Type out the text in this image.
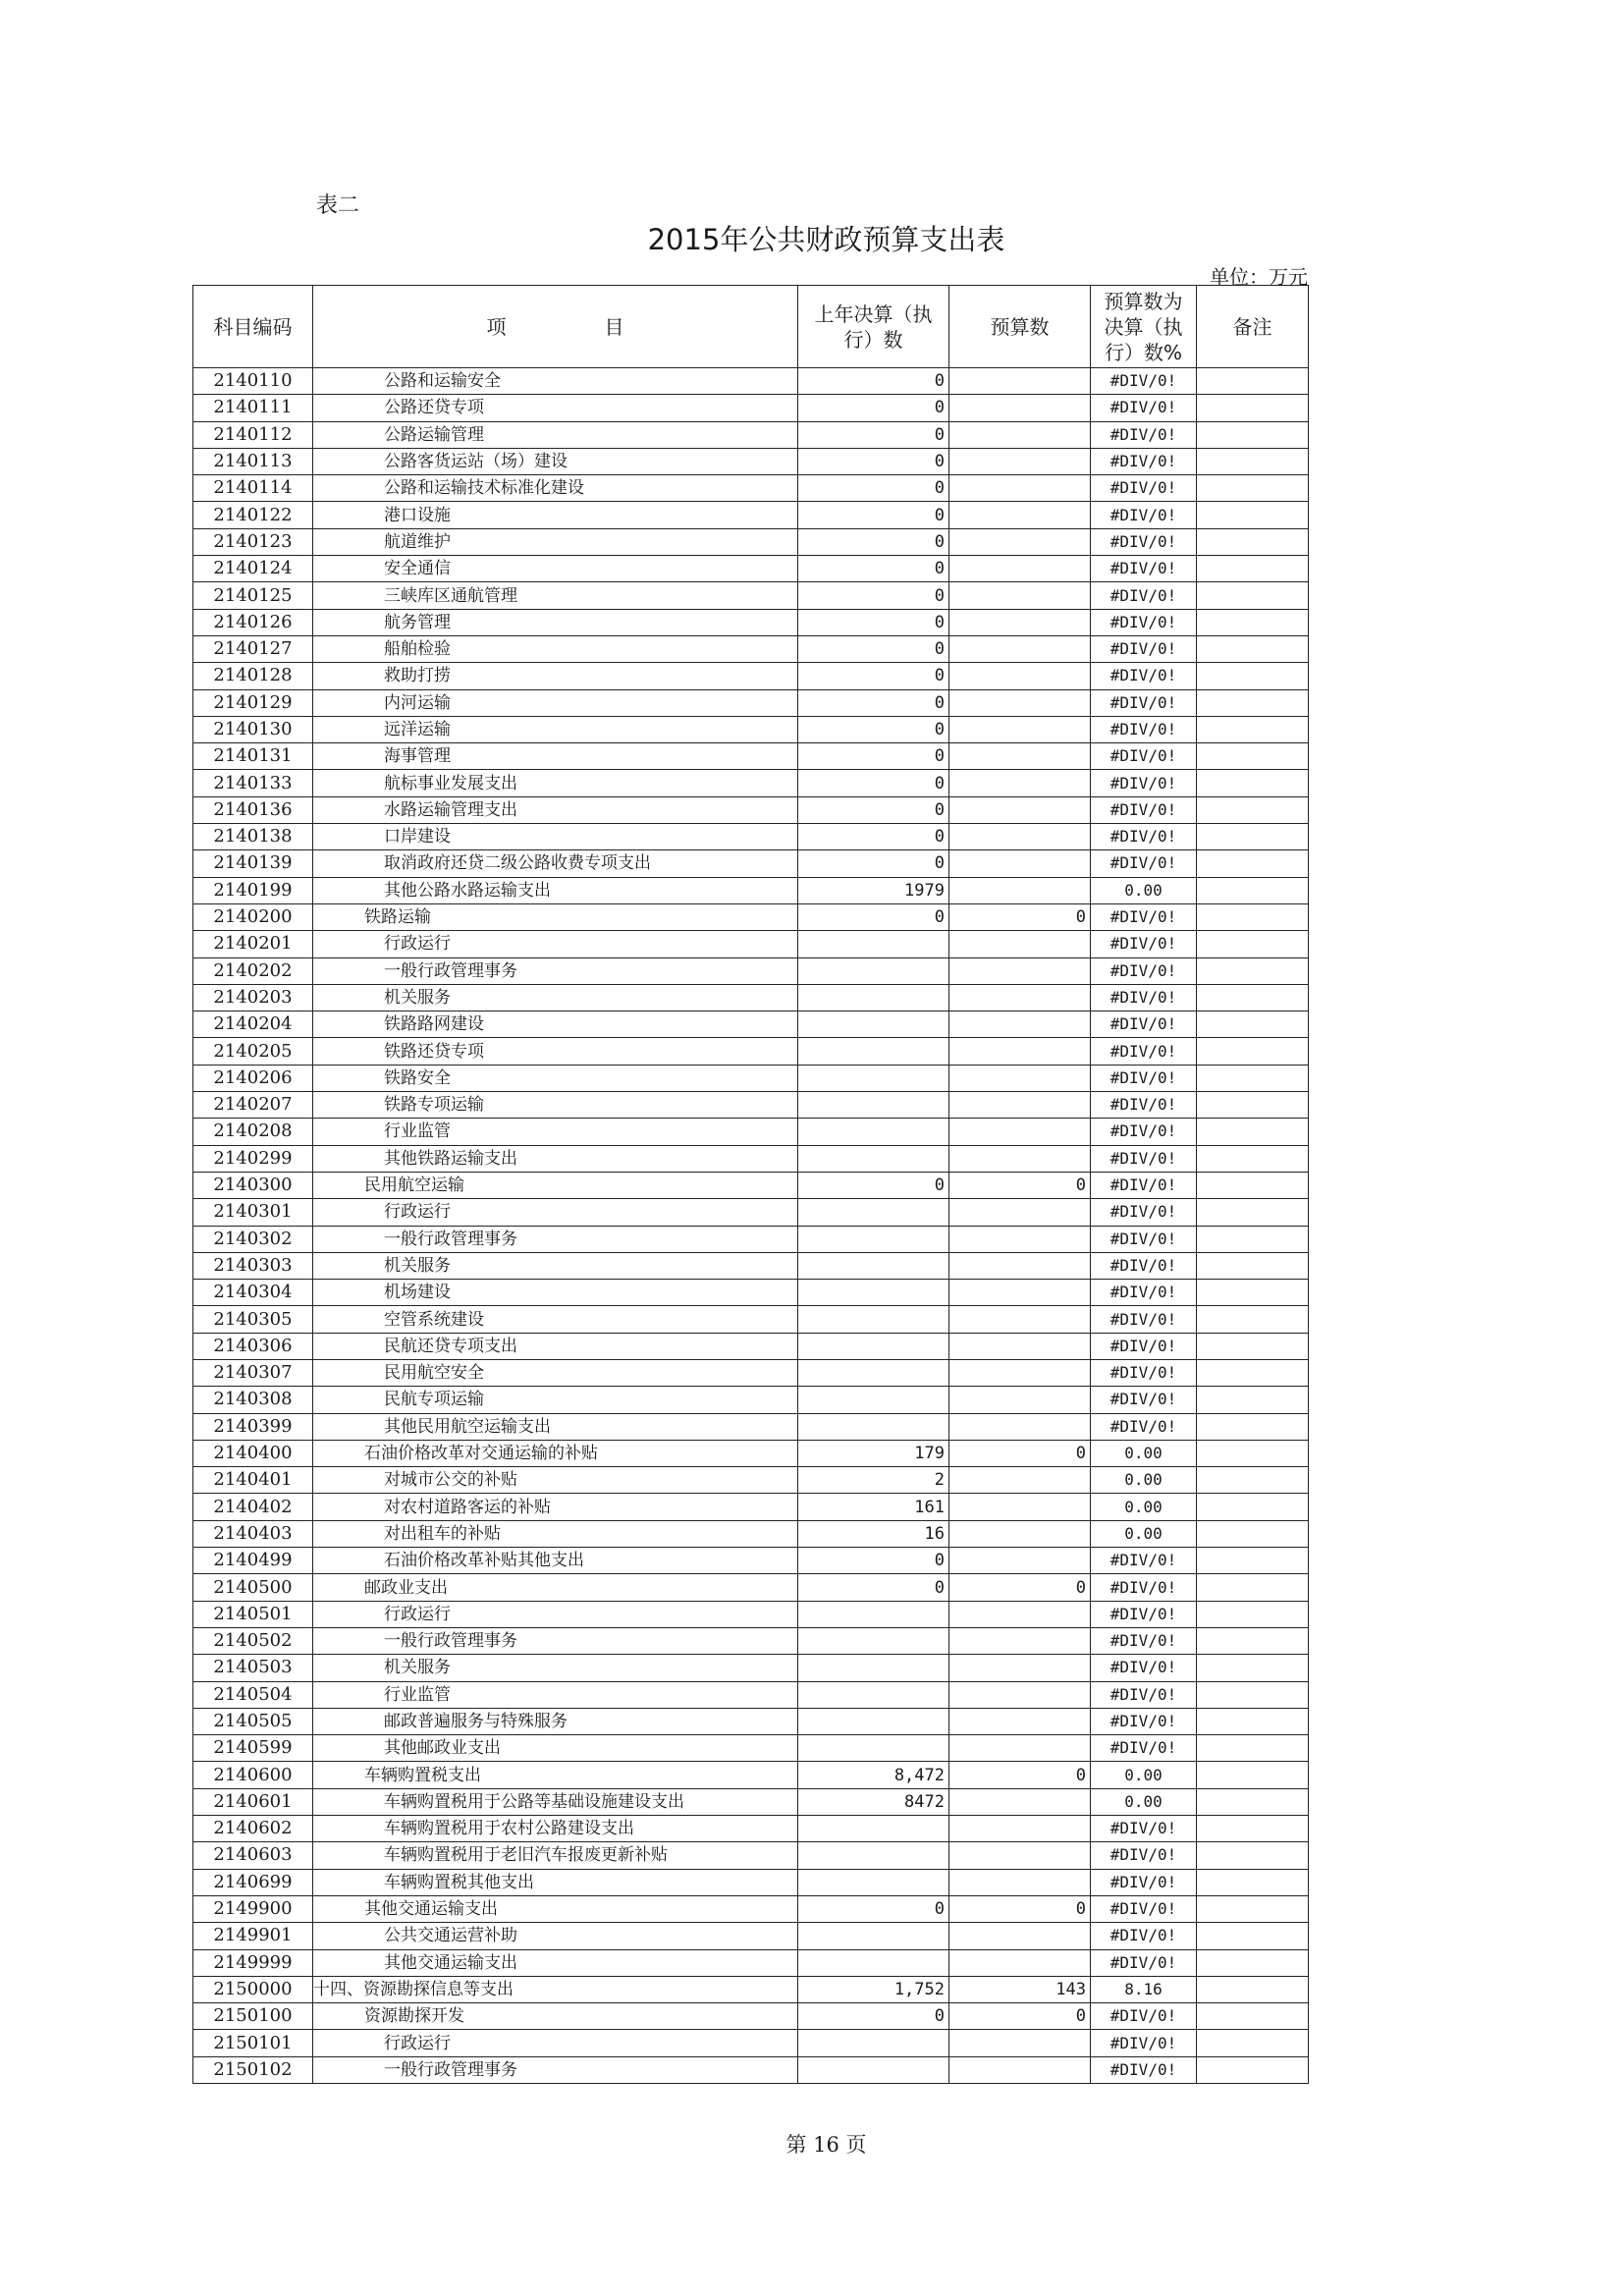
表二
2015年公共财政预算支出表
单位：万元
科目编码	项　　　　　目	上年决算（执行）数	预算数	预算数为决算（执行）数%	备注
2140110	公路和运输安全	0		#DIV/0!	
2140111	公路还贷专项	0		#DIV/0!	
2140112	公路运输管理	0		#DIV/0!	
2140113	公路客货运站（场）建设	0		#DIV/0!	
2140114	公路和运输技术标准化建设	0		#DIV/0!	
2140122	港口设施	0		#DIV/0!	
2140123	航道维护	0		#DIV/0!	
2140124	安全通信	0		#DIV/0!	
2140125	三峡库区通航管理	0		#DIV/0!	
2140126	航务管理	0		#DIV/0!	
2140127	船舶检验	0		#DIV/0!	
2140128	救助打捞	0		#DIV/0!	
2140129	内河运输	0		#DIV/0!	
2140130	远洋运输	0		#DIV/0!	
2140131	海事管理	0		#DIV/0!	
2140133	航标事业发展支出	0		#DIV/0!	
2140136	水路运输管理支出	0		#DIV/0!	
2140138	口岸建设	0		#DIV/0!	
2140139	取消政府还贷二级公路收费专项支出	0		#DIV/0!	
2140199	其他公路水路运输支出	1979		0.00	
2140200	铁路运输	0	0	#DIV/0!	
2140201	行政运行			#DIV/0!	
2140202	一般行政管理事务			#DIV/0!	
2140203	机关服务			#DIV/0!	
2140204	铁路路网建设			#DIV/0!	
2140205	铁路还贷专项			#DIV/0!	
2140206	铁路安全			#DIV/0!	
2140207	铁路专项运输			#DIV/0!	
2140208	行业监管			#DIV/0!	
2140299	其他铁路运输支出			#DIV/0!	
2140300	民用航空运输	0	0	#DIV/0!	
2140301	行政运行			#DIV/0!	
2140302	一般行政管理事务			#DIV/0!	
2140303	机关服务			#DIV/0!	
2140304	机场建设			#DIV/0!	
2140305	空管系统建设			#DIV/0!	
2140306	民航还贷专项支出			#DIV/0!	
2140307	民用航空安全			#DIV/0!	
2140308	民航专项运输			#DIV/0!	
2140399	其他民用航空运输支出			#DIV/0!	
2140400	石油价格改革对交通运输的补贴	179	0	0.00	
2140401	对城市公交的补贴	2		0.00	
2140402	对农村道路客运的补贴	161		0.00	
2140403	对出租车的补贴	16		0.00	
2140499	石油价格改革补贴其他支出	0		#DIV/0!	
2140500	邮政业支出	0	0	#DIV/0!	
2140501	行政运行			#DIV/0!	
2140502	一般行政管理事务			#DIV/0!	
2140503	机关服务			#DIV/0!	
2140504	行业监管			#DIV/0!	
2140505	邮政普遍服务与特殊服务			#DIV/0!	
2140599	其他邮政业支出			#DIV/0!	
2140600	车辆购置税支出	8,472	0	0.00	
2140601	车辆购置税用于公路等基础设施建设支出	8472		0.00	
2140602	车辆购置税用于农村公路建设支出			#DIV/0!	
2140603	车辆购置税用于老旧汽车报废更新补贴			#DIV/0!	
2140699	车辆购置税其他支出			#DIV/0!	
2149900	其他交通运输支出	0	0	#DIV/0!	
2149901	公共交通运营补助			#DIV/0!	
2149999	其他交通运输支出			#DIV/0!	
2150000	十四、资源勘探信息等支出	1,752	143	8.16	
2150100	资源勘探开发	0	0	#DIV/0!	
2150101	行政运行			#DIV/0!	
2150102	一般行政管理事务			#DIV/0!	
第 16 页
